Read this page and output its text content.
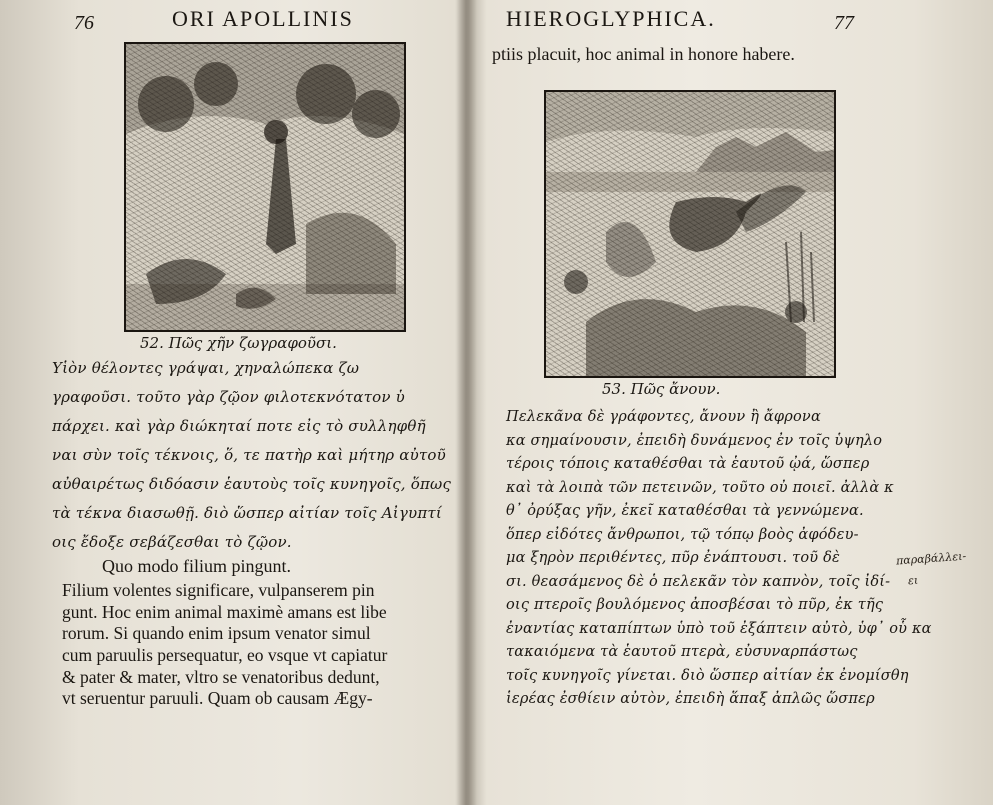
76	ORI APOLLINIS
52. Πῶς χῆν ζωγραφοῦσι.
Υἱὸν θέλοντες γράψαι, χηναλώπεκα ζω
γραφοῦσι. τοῦτο γὰρ ζῷον φιλοτεκνότατον ὑ
πάρχει. καὶ γὰρ διώκηταί ποτε εἰς τὸ συλληφθῆ
ναι σὺν τοῖς τέκνοις, ὅ, τε πατὴρ καὶ μήτηρ αὐτοῦ
αὐθαιρέτως διδόασιν ἑαυτοὺς τοῖς κυνηγοῖς, ὅπως
τὰ τέκνα διασωθῇ. διὸ ὥσπερ αἰτίαν τοῖς Αἰγυπτί
οις ἔδοξε σεβάζεσθαι τὸ ζῷον.
Quo modo filium pingunt.
Filium volentes significare, vulpanserem pin
gunt. Hoc enim animal maximè amans est libe
rorum. Si quando enim ipsum venator simul
cum paruulis persequatur, eo vsque vt capiatur
& pater & mater, vltro se venatoribus dedunt,
vt seruentur paruuli. Quam ob causam Ægy-
HIEROGLYPHICA.	77
ptiis placuit, hoc animal in honore habere.
53. Πῶς ἄνουν.
Πελεκᾶνα δὲ γράφοντες, ἄνουν ἢ ἄφρονα
κα σημαίνουσιν, ἐπειδὴ δυνάμενος ἐν τοῖς ὑψηλο
τέροις τόποις καταθέσθαι τὰ ἑαυτοῦ ᾠά, ὥσπερ
καὶ τὰ λοιπὰ τῶν πετεινῶν, τοῦτο οὐ ποιεῖ. ἀλλὰ κ
θ᾽ ὀρύξας γῆν, ἐκεῖ καταθέσθαι τὰ γεννώμενα.
ὅπερ εἰδότες ἄνθρωποι, τῷ τόπῳ βοὸς ἀφόδευ-
μα ξηρὸν περιθέντες, πῦρ ἐνάπτουσι. τοῦ δὲ
σι. θεασάμενος δὲ ὁ πελεκᾶν τὸν καπνὸν, τοῖς ἰδί-
οις πτεροῖς βουλόμενος ἀποσβέσαι τὸ πῦρ, ἐκ τῆς
ἐναντίας καταπίπτων ὑπὸ τοῦ ἐξάπτειν αὐτὸ, ὑφ᾽ οὗ κα
τακαιόμενα τὰ ἑαυτοῦ πτερὰ, εὐσυναρπάστως
τοῖς κυνηγοῖς γίνεται. διὸ ὥσπερ αἰτίαν ἐκ ἐνομίσθη
ἱερέας ἐσθίειν αὐτὸν, ἐπειδὴ ἅπαξ ἀπλῶς ὥσπερ
παραβάλλει-
ει
